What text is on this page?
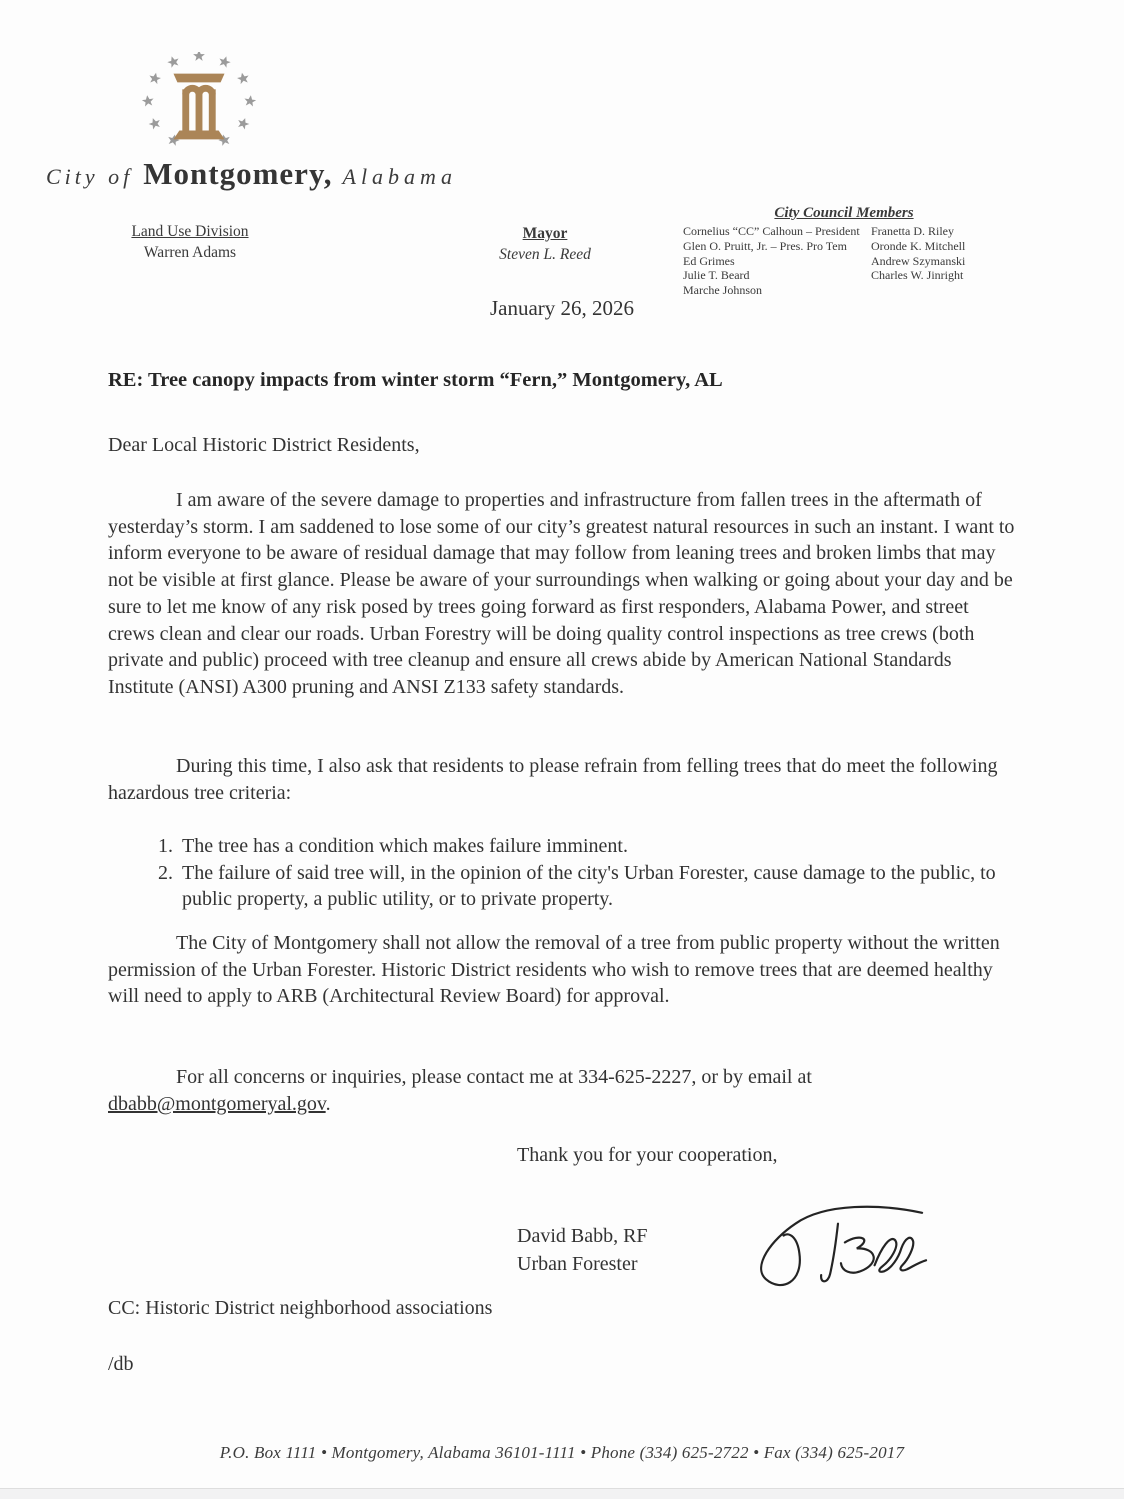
City of Montgomery, Alabama
Land Use Division
Warren Adams
Mayor
Steven L. Reed
City Council Members
Cornelius “CC” Calhoun – President
Glen O. Pruitt, Jr. – Pres. Pro Tem
Ed Grimes
Julie T. Beard
Marche Johnson
Franetta D. Riley
Oronde K. Mitchell
Andrew Szymanski
Charles W. Jinright
January 26, 2026
RE: Tree canopy impacts from winter storm “Fern,” Montgomery, AL
Dear Local Historic District Residents,

I am aware of the severe damage to properties and infrastructure from fallen trees in the aftermath of yesterday’s storm. I am saddened to lose some of our city’s greatest natural resources in such an instant. I want to inform everyone to be aware of residual damage that may follow from leaning trees and broken limbs that may not be visible at first glance. Please be aware of your surroundings when walking or going about your day and be sure to let me know of any risk posed by trees going forward as first responders, Alabama Power, and street crews clean and clear our roads. Urban Forestry will be doing quality control inspections as tree crews (both private and public) proceed with tree cleanup and ensure all crews abide by American National Standards Institute (ANSI) A300 pruning and ANSI Z133 safety standards.

During this time, I also ask that residents to please refrain from felling trees that do meet the following hazardous tree criteria:

1. The tree has a condition which makes failure imminent.
2. The failure of said tree will, in the opinion of the city's Urban Forester, cause damage to the public, to public property, a public utility, or to private property.

The City of Montgomery shall not allow the removal of a tree from public property without the written permission of the Urban Forester. Historic District residents who wish to remove trees that are deemed healthy will need to apply to ARB (Architectural Review Board) for approval.

For all concerns or inquiries, please contact me at 334-625-2227, or by email at dbabb@montgomeryal.gov.

Thank you for your cooperation,
David Babb, RF
Urban Forester
CC: Historic District neighborhood associations
/db
P.O. Box 1111 • Montgomery, Alabama 36101-1111 • Phone (334) 625-2722 • Fax (334) 625-2017
